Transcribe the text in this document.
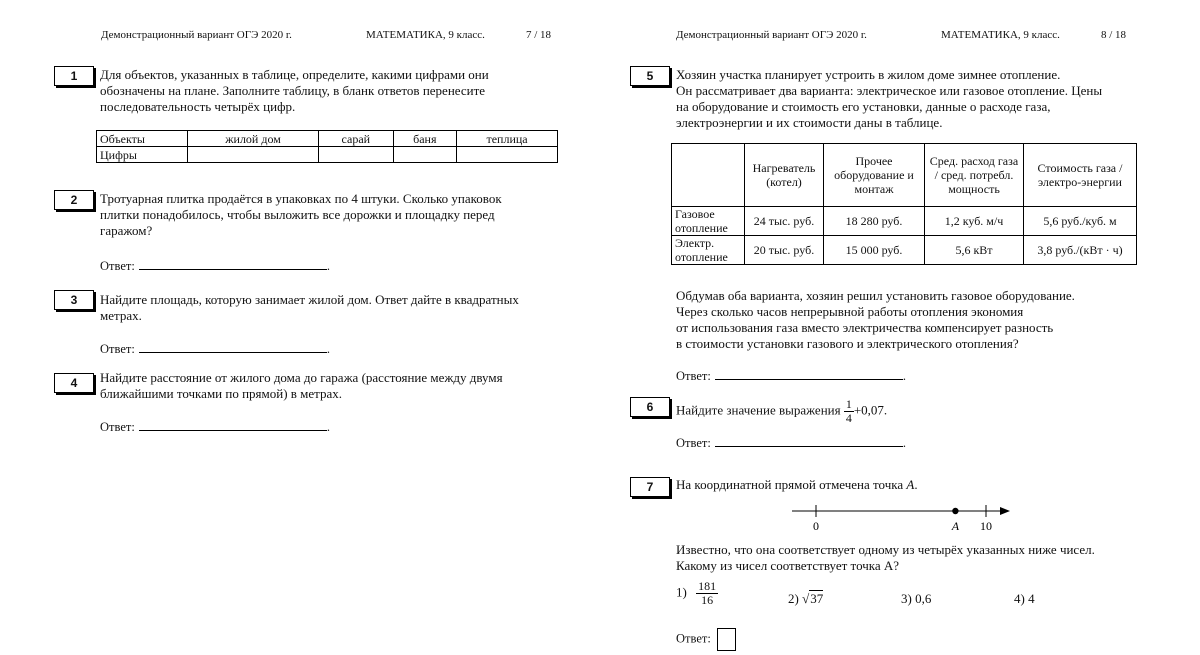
Демонстрационный вариант ОГЭ 2020 г.	МАТЕМАТИКА, 9 класс.	7 / 18
1	Для объектов, указанных в таблице, определите, какими цифрами они
обозначены на плане. Заполните таблицу, в бланк ответов перенесите
последовательность четырёх цифр.
Объекты	жилой дом	сарай	баня	теплица
Цифры				
2	Тротуарная плитка продаётся в упаковках по 4 штуки. Сколько упаковок
плитки понадобилось, чтобы выложить все дорожки и площадку перед
гаражом?
Ответ:	.
3	Найдите площадь, которую занимает жилой дом. Ответ дайте в квадратных
метрах.
Ответ:	.
4	Найдите расстояние от жилого дома до гаража (расстояние между двумя
ближайшими точками по прямой) в метрах.
Ответ:	.
Демонстрационный вариант ОГЭ 2020 г.	МАТЕМАТИКА, 9 класс.	8 / 18
5	Хозяин участка планирует устроить в жилом доме зимнее отопление.
Он рассматривает два варианта: электрическое или газовое отопление. Цены
на оборудование и стоимость его установки, данные о расходе газа,
электроэнергии и их стоимости даны в таблице.
	Нагреватель (котел)	Прочее оборудование и монтаж	Сред. расход газа / сред. потребл. мощность	Стоимость газа / электро-энергии
Газовое отопление	24 тыс. руб.	18 280 руб.	1,2 куб. м/ч	5,6 руб./куб. м
Электр. отопление	20 тыс. руб.	15 000 руб.	5,6 кВт	3,8 руб./(кВт · ч)
Обдумав оба варианта, хозяин решил установить газовое оборудование.
Через сколько часов непрерывной работы отопления экономия
от использования газа вместо электричества компенсирует разность
в стоимости установки газового и электрического отопления?
Ответ:	.
6	Найдите значение выражения $\frac{1}{4} +0,07$.
Ответ:	.
7	На координатной прямой отмечена точка A.
0	10
A
Известно, что она соответствует одному из четырёх указанных ниже чисел.
Какому из чисел соответствует точка A?
$1) \frac{181}{16}$	2) √37	3) 0,6	4) 4
Ответ:
